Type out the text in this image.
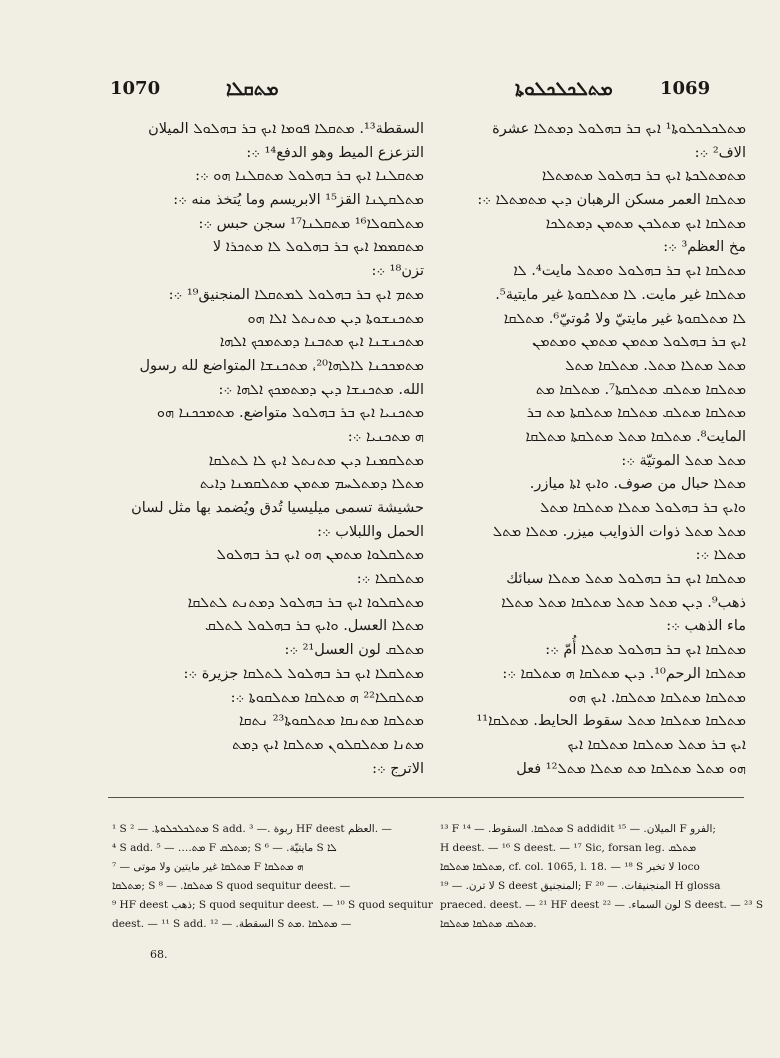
1070	ܡܬܩܠܐ	ܡܬܠܟܠܟܠܘܬܐ	1069
السقطة¹³. ܡܬܩܠܐ ܦܘܡܐ ܐܝܟ ܒܪ ܒܗܠܘܠ الميلان
التزعزع الميط وهو الدفع¹⁴ ܀:
ܡܬܩܠܢܐ ܐܝܟ ܒܪ ܒܗܠܘܠ ܡܬܩܠܢܐ ܗܘ ܀:
ܡܬܠܩܛܢܐ القز¹⁵ الابريسم وما يُتخذ منه ܀:
ܡܬܠܩܘܠܐ¹⁶ ܡܬܩܠܢܐ¹⁷ سجن حبس ܀:
ܡܬܩܡܡܐ ܐܝܟ ܒܪ ܒܗܠܘܠ ܠܐ ܡܬܟܪܐ لا
تزن¹⁸ ܀:
ܡܬܡ ܐܝܟ ܒܪ ܒܗܠܘܠ ܠܡܬܩܠܐ المنجنيق¹⁹ ܀:
ܡܬܟܢܫܘܬܐ ܕܝܢ ܡܬܢܬܠ ܐܠܐ ܗܘ
ܡܬܟܢܫܢܐ ܐܝܟ ܡܬܒܢܐ ܕܡܬܡܟܟ ܐܠܗܐ
ܡܬܡܟܟܢܐ ܠܐܠܗܐ²⁰، ܡܬܟܢܫܐ المتواضع لله رسول
الله. ܡܬܟܢܫܐ ܕܝܢ ܕܡܬܡܟܟ ܐܠܗܐ ܀:
ܡܬܟܢܝܐ ܐܝܟ ܒܪ ܒܗܠܘܠ متواضع. ܡܬܡܟܟܢܐ ܗܘ
ܗ ܡܬܟܢܝܐ ܀:
ܡܬܠܩܡܢܐ ܕܝܢ ܡܬܢܬܠ ܐܝܟ ܠܐ ܠܬܠܩܐ
ܡܬܠܐ ܕܡܬܠܚܡ ܡܬܡܢ ܡܬܠܩܡܢܐ ܕܐܝܬ
حشيشة تسمى ميليسيا تُدق ويُضمد بها مثل لسان
الحمل واللبلاب ܀:
ܡܬܠܩܠܘܐ ܡܬܡܢ ܗܘ ܐܝܟ ܒܪ ܒܗܠܘܠ
ܡܬܠܩܠܐ ܀:
ܡܬܠܩܠܘܐ ܐܝܟ ܒܪ ܒܗܠܘܠ ܕܡܬܢܬ ܠܬܠܩܐ
ܡܬܠܐ العسل. ܘܐܝܟ ܒܪ ܒܗܠܘܠ ܠܬܠܩ
ܡܬܠܩ لون العسل²¹ ܀:
ܡܬܠܩܠܐ ܐܝܟ ܒܪ ܒܗܠܘܠ ܠܬܠܩܐ جزيرة ܀:
ܡܬܠܩܠܐ²² ܗ ܡܬܠܩܐ ܡܬܠܩܘܬܐ ܀:
ܡܬܠܩܐ ܡܬܢܩܐ ܡܬܠܩܘܬܐ²³ ܢܬܩܐ
ܡܬܢܐ ܡܬܠܩܠܘܢ ܡܬܠܩܐ ܐܝܟ ܕܡܬ
الاترج ܀:
ܡܬܠܟܠܟܠܘܬܐ¹ ܐܝܟ ܒܪ ܒܗܠܘܠ ܕܡܬܠܐ عشرة
الاف² ܀:
ܡܬܡܬܠܟܬܐ ܐܝܟ ܒܪ ܒܗܠܘܠ ܡܬܡܬܠܐ
ܡܬܠܩܐ العمر مسكن الرهبان ܕܝܢ ܡܬܡܬܠܐ ܀:
ܡܬܠܩܐ ܐܝܟ ܡܬܠܟܢ ܡܬܡܢ ܕܡܬܠܟܐ
مخ العظم³ ܀:
ܡܬܠܩܐ ܐܝܟ ܒܪ ܒܗܠܘܠ ܘܡܬܠ مايت⁴. ܠܐ
ܡܬܠܩܐ غير مايت. ܠܐ ܡܬܠܩܘܬܐ غير مايتية⁵.
ܠܐ ܡܬܠܩܘܬܐ غير مايتيّ ولا مُوتيّ⁶. ܡܬܠܩܐ
ܐܝܟ ܒܪ ܒܗܠܘܠ ܡܬܡܢ ܡܬܡܢ ܘܡܬܡܢ
ܡܬܠ ܡܬܠܐ ܡܬܠ. ܡܬܠܩܐ ܡܬܠ
ܡܬܠܩܐ ܡܬܠܩ ܡܬܠܩܬܐ⁷. ܡܬܠܩܐ ܡܬ
ܡܬܠܩܐ ܡܬܠܩ ܡܬܠܩܐ ܡܬܠܩܬܐ ܡܬ ܒܪ
المايت⁸. ܡܬܠܩܐ ܡܬܠ ܡܬܠܩܬܐ ܡܬܠܩܐ
ܡܬܠ ܡܬܠ الموتيّة ܀:
ܡܬܠܐ حبال من صوف. ܘܐܝܟ ܐܬܐ ميازر.
ܘܐܝܟ ܒܪ ܒܗܠܘܠ ܡܬܠܐ ܡܬܠܩܐ ܡܬܠ
ܡܬܠ ܡܬܠ ذوات الذوايب ميزر. ܡܬܠܐ ܡܬܠ
ܡܬܠܐ ܀:
ܡܬܠܩܐ ܐܝܟ ܒܪ ܒܗܠܘܠ ܡܬܠ ܡܬܠܐ سبائك
ذهب⁹. ܕܝܢ ܡܬܠ ܡܬܠ ܡܬܠܩܐ ܡܬܠ ܡܬܠܐ
ماء الذهب ܀:
ܡܬܠܩܐ ܐܝܟ ܒܪ ܒܗܠܘܠ ܡܬܠܐ أُمّ ܀:
ܡܬܠܩܐ الرحم¹⁰. ܕܝܢ ܡܬܠܩܐ ܗ ܡܬܠܩܐ ܀:
ܡܬܠܩܐ ܡܬܠܩܐ ܡܬܠܩܐ. ܐܝܟ ܗܘ
ܡܬܠܩܐ ܡܬܠܩܐ ܡܬܠ سقوط الحايط. ܡܬܠܩܐ¹¹
ܐܝܟ ܒܪ ܡܬܠ ܡܬܠܩܐ ܡܬܠܩܐ ܐܝܟ
ܗܘ ܡܬܠ ܡܬܠܩܐ ܡܬ ܡܬܠܐ ܡܬܠ¹² فعل
¹ S ܡܬܠܟܠܟܠܘܬܐ. — ² S add. ربوة .— ³ HF deest العظم. —
⁴ S add. ܡܬ.… — ⁵ F ܡܬܠܩ; S مايتيّة. — ⁶ S ܠܐ
ܡܬܠܩܐ غير مايتين ولا موتى — ⁷ F ܗ ܡܬܠܩܐ
ܡܬܠܩܐ; S ܡܬܠܩܐ. — ⁸ S quod sequitur deest. —
⁹ HF deest ذهب; S quod sequitur deest. — ¹⁰ S quod sequitur
deest. — ¹¹ S add. السقطة. — ¹² S ܡܬܠܩܐ .ܡܬ —
¹³ F ܡܬܠܩܐ. السقوط. — ¹⁴ S addidit الميلان. — ¹⁵ F الفرو;
H deest. — ¹⁶ S deest. — ¹⁷ Sic, forsan leg. ܡܬܠܩ
ܡܬܠܩܐ ܡܬܠܩܐ, cf. col. 1065, l. 18. — ¹⁸ S لا تخبر loco
لا ترن. — ¹⁹ S deest المنجنيق; F المنجنيقات. — ²⁰ H glossa
praeced. deest. — ²¹ HF deest لون السماء. — ²² S deest. — ²³ S
ܡܬܠܩ ܡܬܠܩܐ ܡܬܠܩܐ.
68.
